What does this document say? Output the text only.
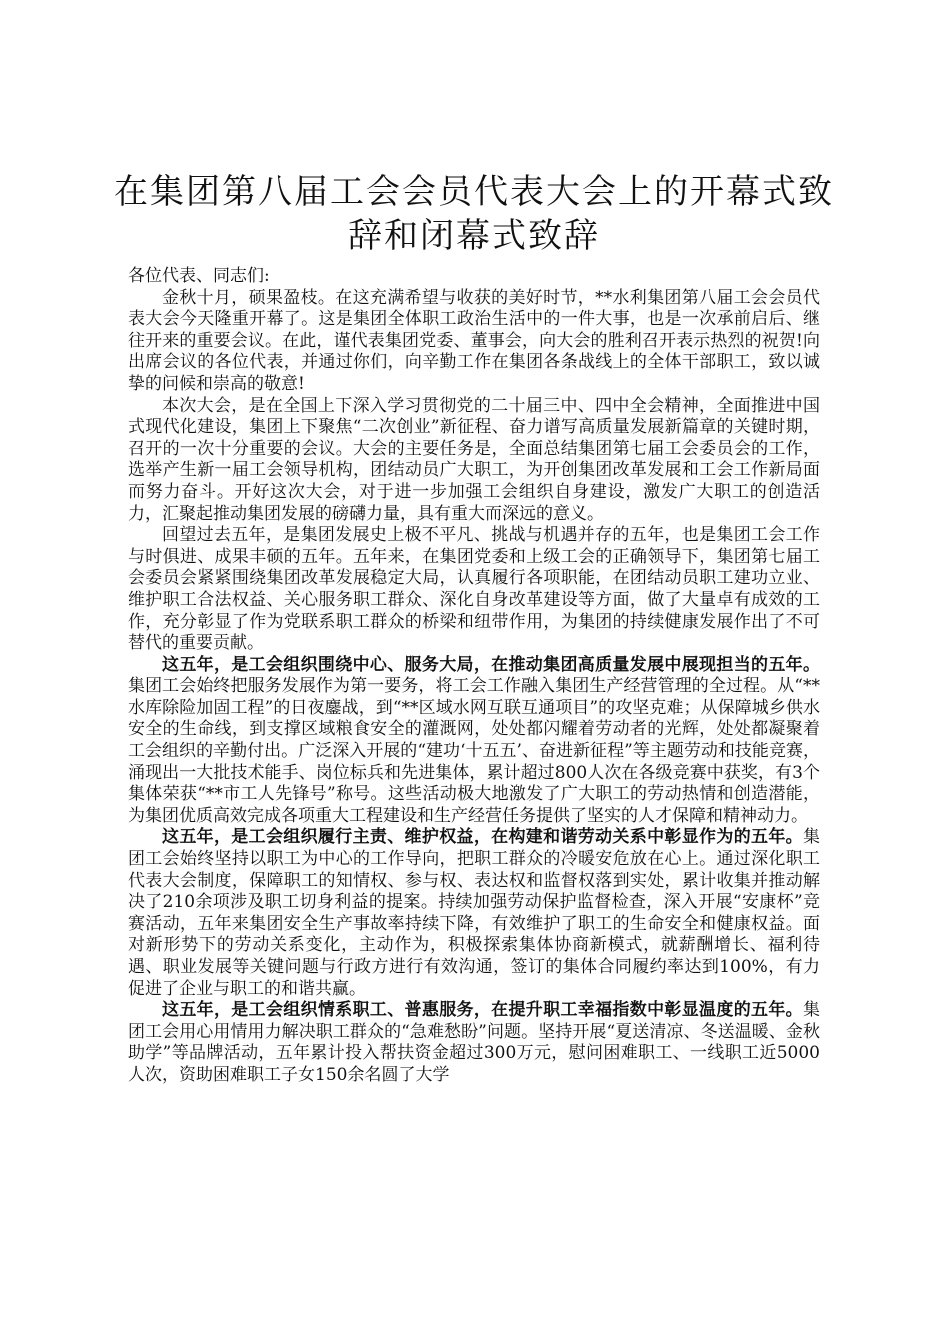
在集团第八届工会会员代表大会上的开幕式致辞和闭幕式致辞

各位代表、同志们:

金秋十月，硕果盈枝。在这充满希望与收获的美好时节，**水利集团第八届工会会员代表大会今天隆重开幕了。这是集团全体职工政治生活中的一件大事，也是一次承前启后、继往开来的重要会议。在此，谨代表集团党委、董事会，向大会的胜利召开表示热烈的祝贺!向出席会议的各位代表，并通过你们，向辛勤工作在集团各条战线上的全体干部职工，致以诚挚的问候和崇高的敬意!

本次大会，是在全国上下深入学习贯彻党的二十届三中、四中全会精神，全面推进中国式现代化建设，集团上下聚焦“二次创业”新征程、奋力谱写高质量发展新篇章的关键时期，召开的一次十分重要的会议。大会的主要任务是，全面总结集团第七届工会委员会的工作，选举产生新一届工会领导机构，团结动员广大职工，为开创集团改革发展和工会工作新局面而努力奋斗。开好这次大会，对于进一步加强工会组织自身建设，激发广大职工的创造活力，汇聚起推动集团发展的磅礴力量，具有重大而深远的意义。

回望过去五年，是集团发展史上极不平凡、挑战与机遇并存的五年，也是集团工会工作与时俱进、成果丰硕的五年。五年来，在集团党委和上级工会的正确领导下，集团第七届工会委员会紧紧围绕集团改革发展稳定大局，认真履行各项职能，在团结动员职工建功立业、维护职工合法权益、关心服务职工群众、深化自身改革建设等方面，做了大量卓有成效的工作，充分彰显了作为党联系职工群众的桥梁和纽带作用，为集团的持续健康发展作出了不可替代的重要贡献。

这五年，是工会组织围绕中心、服务大局，在推动集团高质量发展中展现担当的五年。集团工会始终把服务发展作为第一要务，将工会工作融入集团生产经营管理的全过程。从“**水库除险加固工程”的日夜鏖战，到“**区域水网互联互通项目”的攻坚克难；从保障城乡供水安全的生命线，到支撑区域粮食安全的灌溉网，处处都闪耀着劳动者的光辉，处处都凝聚着工会组织的辛勤付出。广泛深入开展的“建功‘十五五’、奋进新征程”等主题劳动和技能竞赛，涌现出一大批技术能手、岗位标兵和先进集体，累计超过800人次在各级竞赛中获奖，有3个集体荣获“**市工人先锋号”称号。这些活动极大地激发了广大职工的劳动热情和创造潜能，为集团优质高效完成各项重大工程建设和生产经营任务提供了坚实的人才保障和精神动力。

这五年，是工会组织履行主责、维护权益，在构建和谐劳动关系中彰显作为的五年。集团工会始终坚持以职工为中心的工作导向，把职工群众的冷暖安危放在心上。通过深化职工代表大会制度，保障职工的知情权、参与权、表达权和监督权落到实处，累计收集并推动解决了210余项涉及职工切身利益的提案。持续加强劳动保护监督检查，深入开展“安康杯”竞赛活动，五年来集团安全生产事故率持续下降，有效维护了职工的生命安全和健康权益。面对新形势下的劳动关系变化，主动作为，积极探索集体协商新模式，就薪酬增长、福利待遇、职业发展等关键问题与行政方进行有效沟通，签订的集体合同履约率达到100%，有力促进了企业与职工的和谐共赢。

这五年，是工会组织情系职工、普惠服务，在提升职工幸福指数中彰显温度的五年。集团工会用心用情用力解决职工群众的“急难愁盼”问题。坚持开展“夏送清凉、冬送温暖、金秋助学”等品牌活动，五年累计投入帮扶资金超过300万元，慰问困难职工、一线职工近5000人次，资助困难职工子女150余名圆了大学
